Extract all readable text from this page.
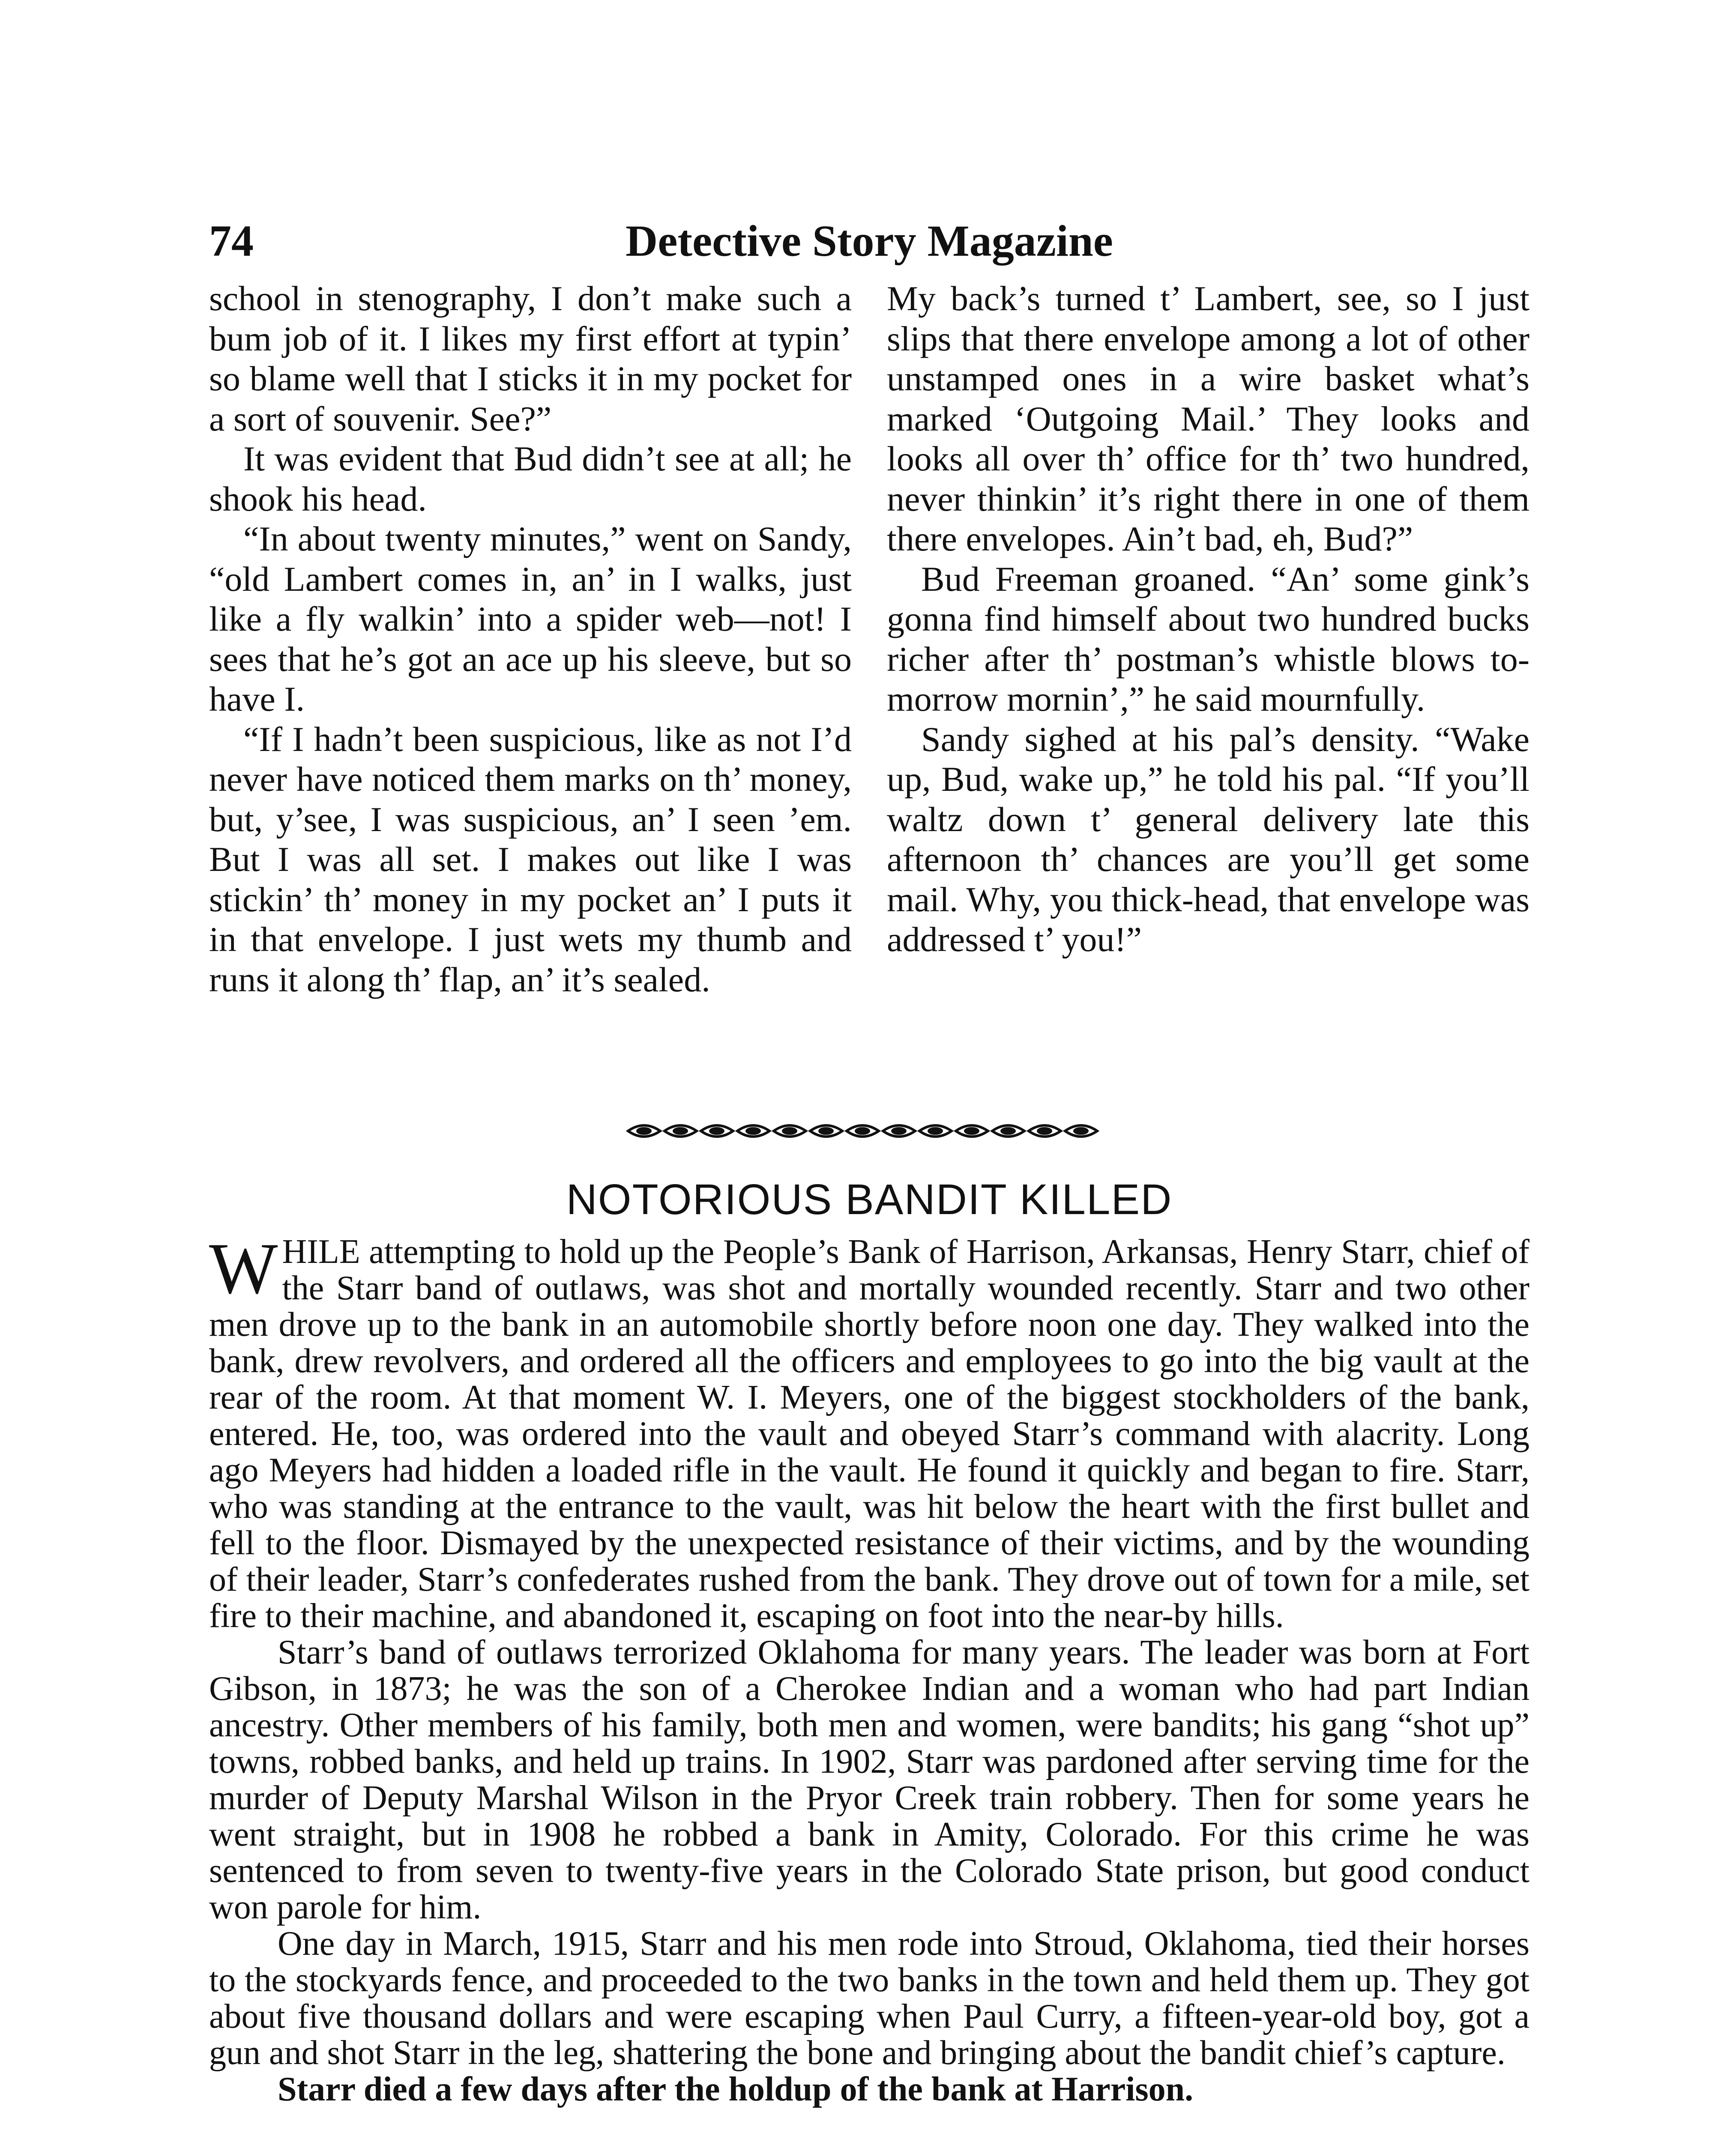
74	Detective Story Magazine

school in stenography, I don’t make such a bum job of it. I likes my first effort at typin’ so blame well that I sticks it in my pocket for a sort of souvenir. See?”

It was evident that Bud didn’t see at all; he shook his head.

“In about twenty minutes,” went on Sandy, “old Lambert comes in, an’ in I walks, just like a fly walkin’ into a spider web—not! I sees that he’s got an ace up his sleeve, but so have I.

“If I hadn’t been suspicious, like as not I’d never have noticed them marks on th’ money, but, y’see, I was suspicious, an’ I seen ’em. But I was all set. I makes out like I was stickin’ th’ money in my pocket an’ I puts it in that envelope. I just wets my thumb and runs it along th’ flap, an’ it’s sealed.

My back’s turned t’ Lambert, see, so I just slips that there envelope among a lot of other unstamped ones in a wire basket what’s marked ‘Outgoing Mail.’ They looks and looks all over th’ office for th’ two hundred, never thinkin’ it’s right there in one of them there envelopes. Ain’t bad, eh, Bud?”

Bud Freeman groaned. “An’ some gink’s gonna find himself about two hundred bucks richer after th’ postman’s whistle blows to-morrow mornin’,” he said mournfully.

Sandy sighed at his pal’s density. “Wake up, Bud, wake up,” he told his pal. “If you’ll waltz down t’ general delivery late this afternoon th’ chances are you’ll get some mail. Why, you thick-head, that envelope was addressed t’ you!”

NOTORIOUS BANDIT KILLED

WHILE attempting to hold up the People’s Bank of Harrison, Arkansas, Henry Starr, chief of the Starr band of outlaws, was shot and mortally wounded recently. Starr and two other men drove up to the bank in an automobile shortly before noon one day. They walked into the bank, drew revolvers, and ordered all the officers and employees to go into the big vault at the rear of the room. At that moment W. I. Meyers, one of the biggest stockholders of the bank, entered. He, too, was ordered into the vault and obeyed Starr’s command with alacrity. Long ago Meyers had hidden a loaded rifle in the vault. He found it quickly and began to fire. Starr, who was standing at the entrance to the vault, was hit below the heart with the first bullet and fell to the floor. Dismayed by the unexpected resistance of their victims, and by the wounding of their leader, Starr’s confederates rushed from the bank. They drove out of town for a mile, set fire to their machine, and abandoned it, escaping on foot into the near-by hills.

Starr’s band of outlaws terrorized Oklahoma for many years. The leader was born at Fort Gibson, in 1873; he was the son of a Cherokee Indian and a woman who had part Indian ancestry. Other members of his family, both men and women, were bandits; his gang “shot up” towns, robbed banks, and held up trains. In 1902, Starr was pardoned after serving time for the murder of Deputy Marshal Wilson in the Pryor Creek train robbery. Then for some years he went straight, but in 1908 he robbed a bank in Amity, Colorado. For this crime he was sentenced to from seven to twenty-five years in the Colorado State prison, but good conduct won parole for him.

One day in March, 1915, Starr and his men rode into Stroud, Oklahoma, tied their horses to the stockyards fence, and proceeded to the two banks in the town and held them up. They got about five thousand dollars and were escaping when Paul Curry, a fifteen-year-old boy, got a gun and shot Starr in the leg, shattering the bone and bringing about the bandit chief’s capture.

Starr died a few days after the holdup of the bank at Harrison.
